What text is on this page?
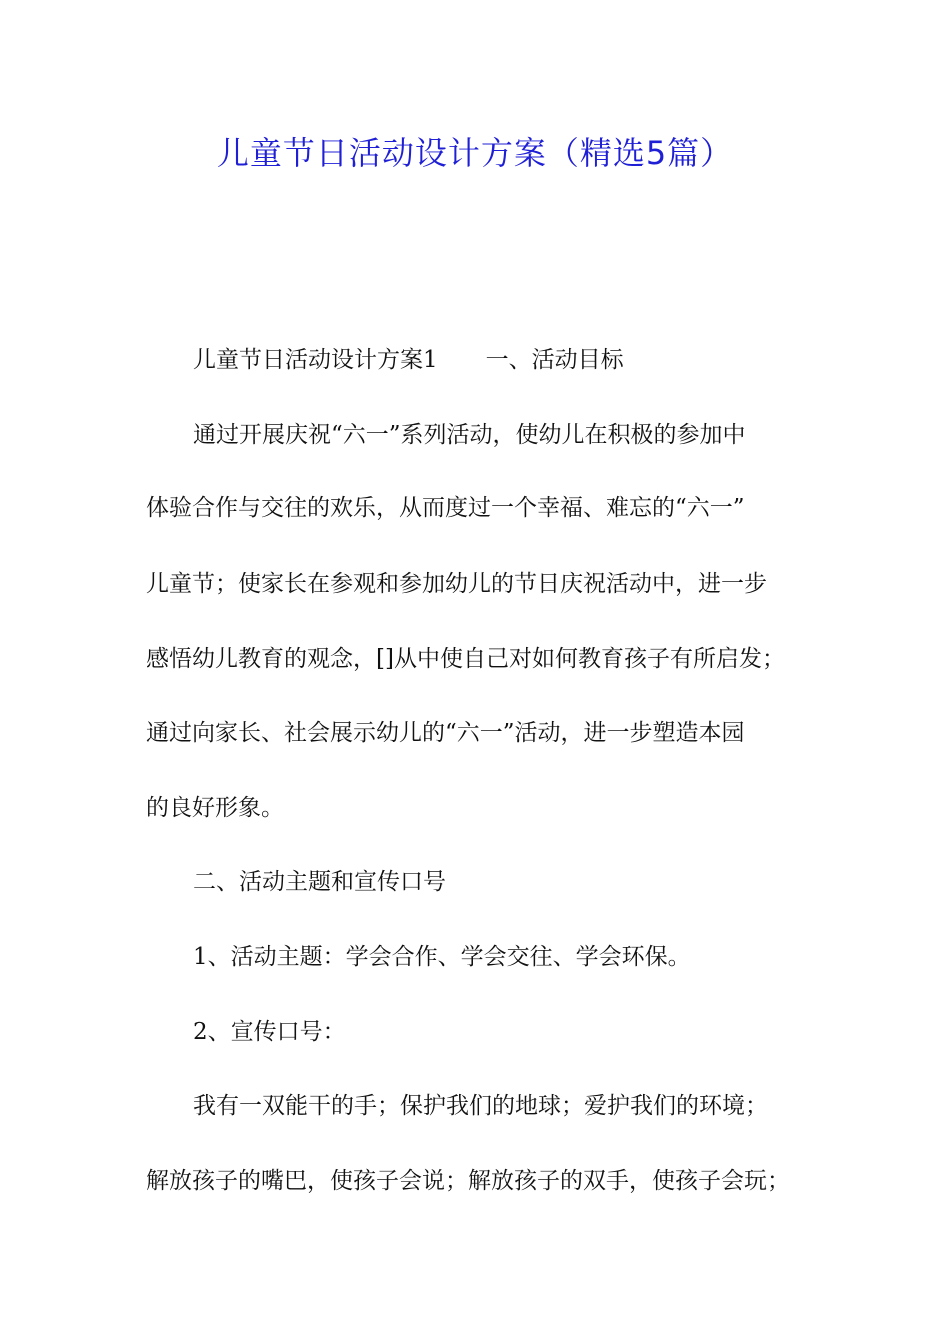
儿童节日活动设计方案（精选5篇）
儿童节日活动设计方案1 一、活动目标
通过开展庆祝“六一”系列活动，使幼儿在积极的参加中
体验合作与交往的欢乐，从而度过一个幸福、难忘的“六一”
儿童节；使家长在参观和参加幼儿的节日庆祝活动中，进一步
感悟幼儿教育的观念，[]从中使自己对如何教育孩子有所启发；
通过向家长、社会展示幼儿的“六一”活动，进一步塑造本园
的良好形象。
二、活动主题和宣传口号
1、活动主题：学会合作、学会交往、学会环保。
2、宣传口号：
我有一双能干的手；保护我们的地球；爱护我们的环境；
解放孩子的嘴巴，使孩子会说；解放孩子的双手，使孩子会玩；
